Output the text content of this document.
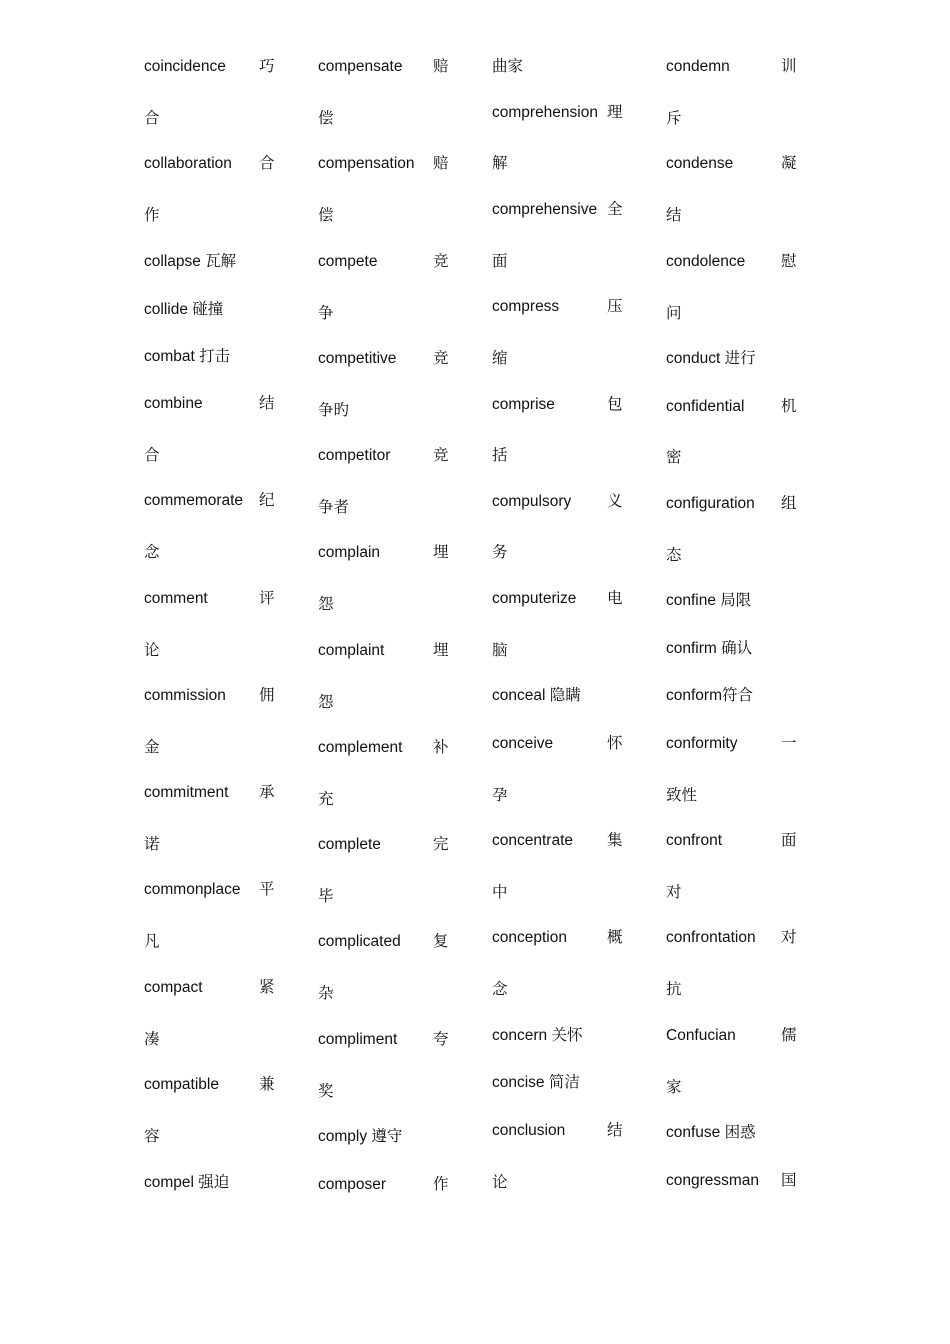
coincidence 巧
合
collaboration 合
作
collapse 瓦解
collide 碰撞
combat 打击
combine	结
合
commemorate 纪
念
comment	评
论
commission 佣
金
commitment 承
诺
commonplace 平
凡
compact	紧
凑
compatible	兼
容
compel 强迫
compensate 赔
偿
compensation 赔
偿
compete	竞
争
competitive 竞
争旳
competitor	竞
争者
complain	埋
怨
complaint	埋
怨
complement 补
充
complete	完
毕
complicated 复
杂
compliment 夸
奖
comply 遵守
composer	作
曲家
comprehension 理
解
comprehensive 全
面
compress	压
缩
comprise	包
括
compulsory 义
务
computerize 电
脑
conceal 隐瞒
conceive	怀
孕
concentrate 集
中
conception	概
念
concern 关怀
concise 简洁
conclusion	结
论
condemn	训
斥
condense	凝
结
condolence 慰
问
conduct 进行
confidential 机
密
configuration 组
态
confine 局限
confirm 确认
conform符合
conformity	一
致性
confront	面
对
confrontation 对
抗
Confucian	儒
家
confuse 困惑
congressman 国
